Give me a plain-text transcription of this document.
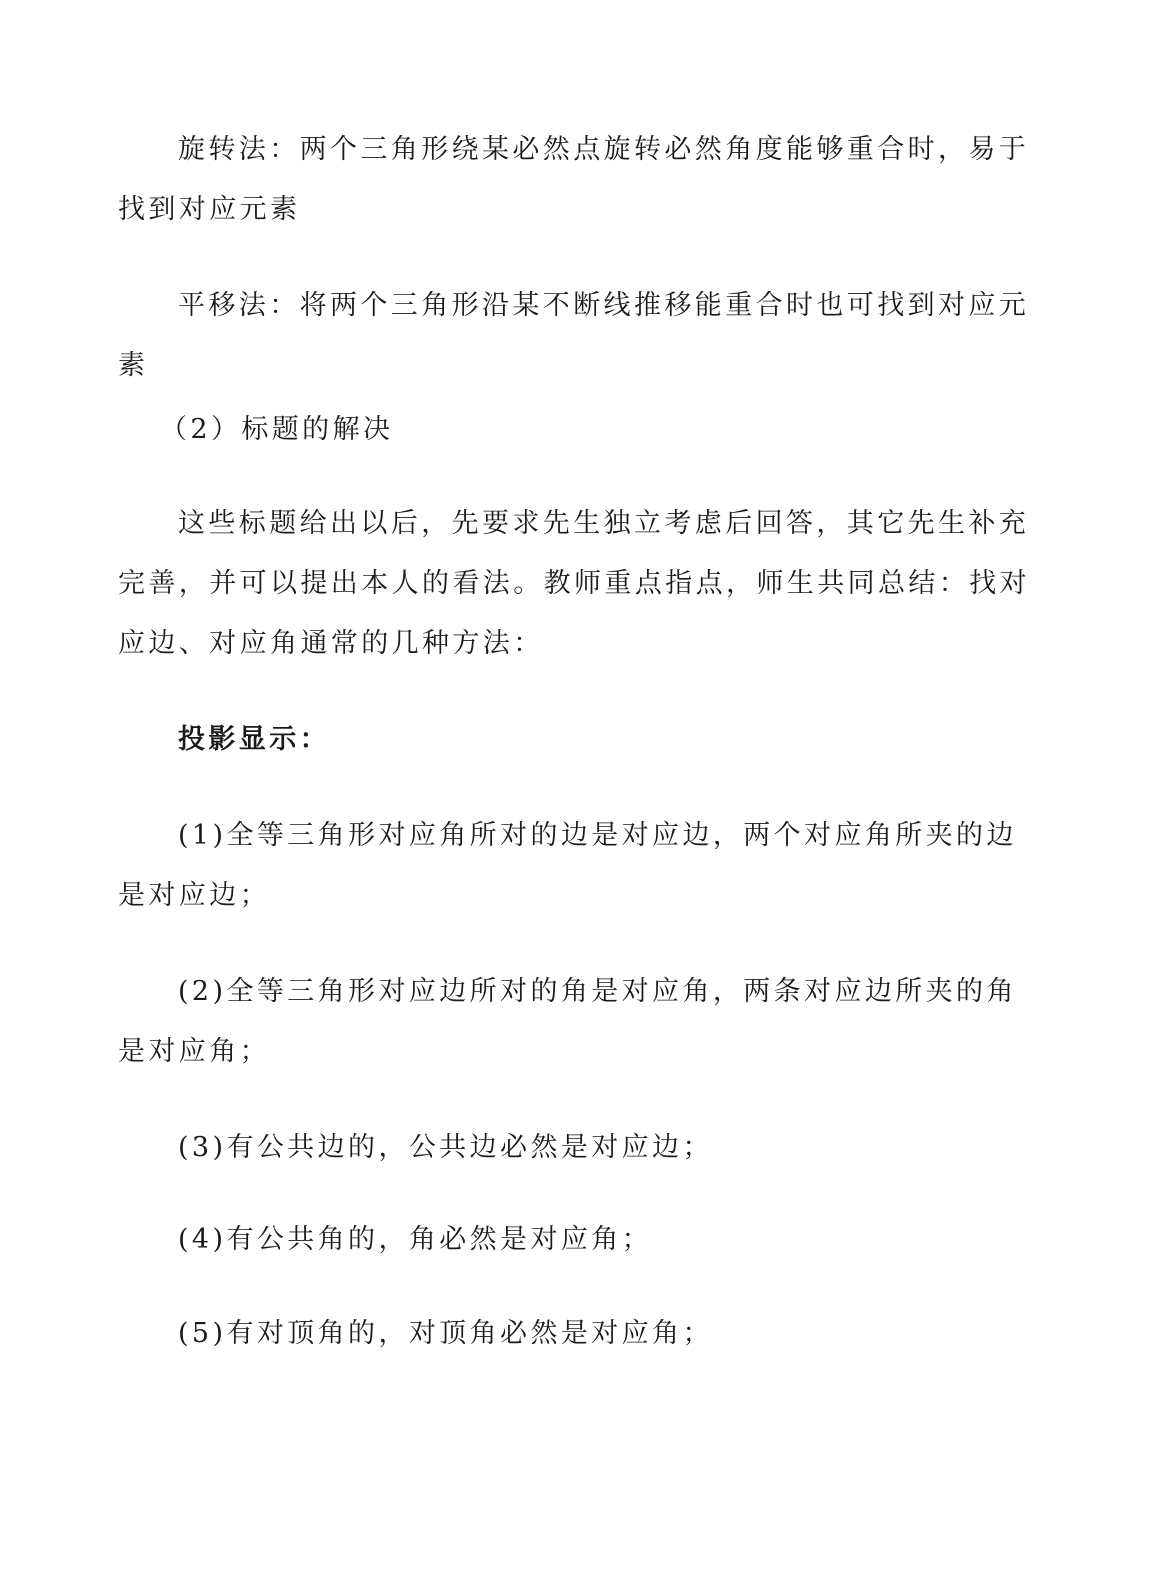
旋转法：两个三角形绕某必然点旋转必然角度能够重合时，易于找到对应元素

平移法：将两个三角形沿某不断线推移能重合时也可找到对应元素

（2）标题的解决

这些标题给出以后，先要求先生独立考虑后回答，其它先生补充完善，并可以提出本人的看法。教师重点指点，师生共同总结：找对应边、对应角通常的几种方法：

投影显示：

(1)全等三角形对应角所对的边是对应边，两个对应角所夹的边是对应边；

(2)全等三角形对应边所对的角是对应角，两条对应边所夹的角是对应角；

(3)有公共边的，公共边必然是对应边；

(4)有公共角的，角必然是对应角；

(5)有对顶角的，对顶角必然是对应角；
